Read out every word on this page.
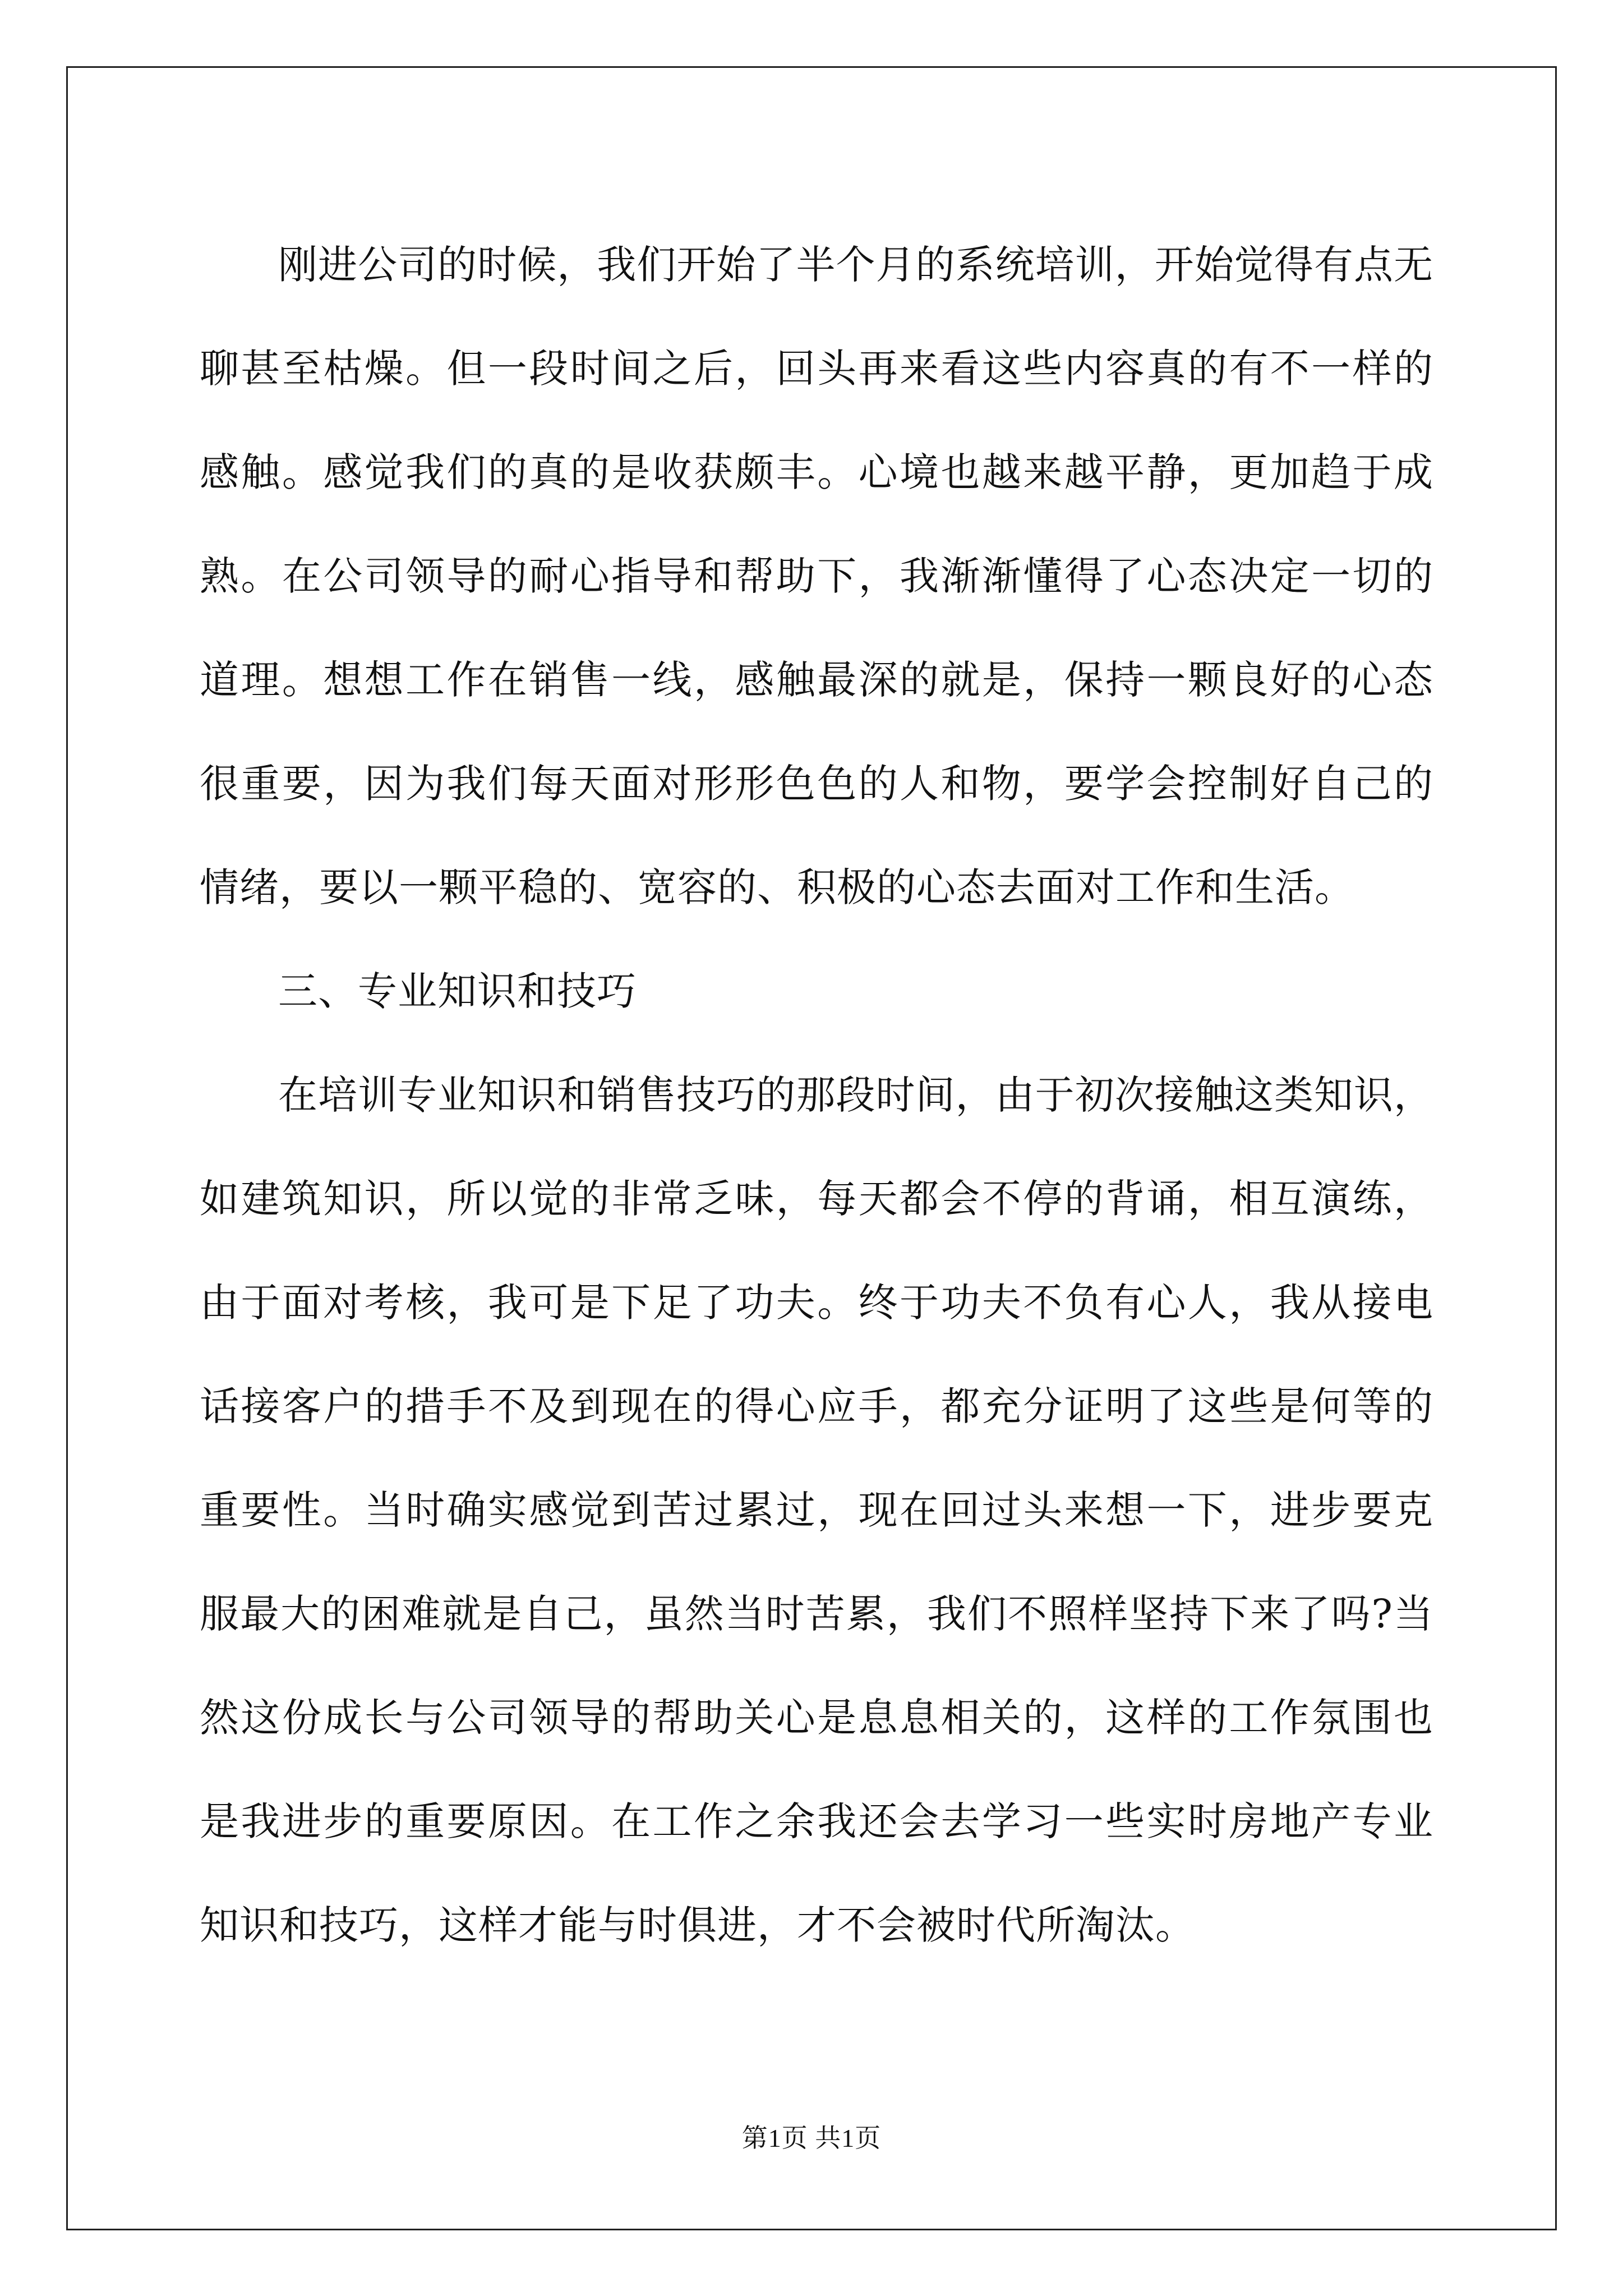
刚进公司的时候，我们开始了半个月的系统培训，开始觉得有点无聊甚至枯燥。但一段时间之后，回头再来看这些内容真的有不一样的感触。感觉我们的真的是收获颇丰。心境也越来越平静，更加趋于成熟。在公司领导的耐心指导和帮助下，我渐渐懂得了心态决定一切的道理。想想工作在销售一线，感触最深的就是，保持一颗良好的心态很重要，因为我们每天面对形形色色的人和物，要学会控制好自己的情绪，要以一颗平稳的、宽容的、积极的心态去面对工作和生活。

三、专业知识和技巧

在培训专业知识和销售技巧的那段时间，由于初次接触这类知识，如建筑知识，所以觉的非常乏味，每天都会不停的背诵，相互演练，由于面对考核，我可是下足了功夫。终于功夫不负有心人，我从接电话接客户的措手不及到现在的得心应手，都充分证明了这些是何等的重要性。当时确实感觉到苦过累过，现在回过头来想一下，进步要克服最大的困难就是自己，虽然当时苦累，我们不照样坚持下来了吗?当然这份成长与公司领导的帮助关心是息息相关的，这样的工作氛围也是我进步的重要原因。在工作之余我还会去学习一些实时房地产专业知识和技巧，这样才能与时俱进，才不会被时代所淘汰。

第1页 共1页
